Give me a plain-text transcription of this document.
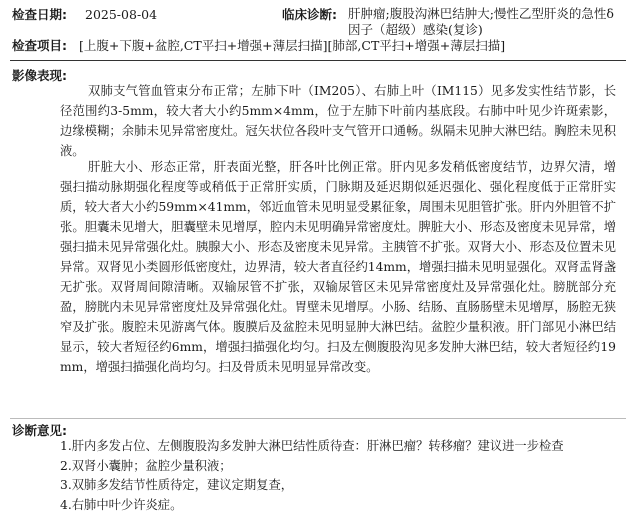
检查日期: 2025-08-04	临床诊断: 肝肿瘤;腹股沟淋巴结肿大;慢性乙型肝炎的急性δ因子（超级）感染(复诊)
检查项目: [上腹+下腹+盆腔,CT平扫+增强+薄层扫描][肺部,CT平扫+增强+薄层扫描]
影像表现:
双肺支气管血管束分布正常；左肺下叶（IM205）、右肺上叶（IM115）见多发实性结节影，长径范围约3-5mm，较大者大小约5mm×4mm，位于左肺下叶前内基底段。右肺中叶见少许斑索影，边缘模糊；余肺未见异常密度灶。冠矢状位各段叶支气管开口通畅。纵隔未见肿大淋巴结。胸腔未见积液。
肝脏大小、形态正常，肝表面光整，肝各叶比例正常。肝内见多发稍低密度结节，边界欠清，增强扫描动脉期强化程度等或稍低于正常肝实质，门脉期及延迟期似延迟强化、强化程度低于正常肝实质，较大者大小约59mm×41mm，邻近血管未见明显受累征象，周围未见胆管扩张。肝内外胆管不扩张。胆囊未见增大，胆囊壁未见增厚，腔内未见明确异常密度灶。脾脏大小、形态及密度未见异常，增强扫描未见异常强化灶。胰腺大小、形态及密度未见异常。主胰管不扩张。双肾大小、形态及位置未见异常。双肾见小类圆形低密度灶，边界清，较大者直径约14mm，增强扫描未见明显强化。双肾盂肾盏无扩张。双肾周间隙清晰。双输尿管不扩张，双输尿管区未见异常密度灶及异常强化灶。膀胱部分充盈，膀胱内未见异常密度灶及异常强化灶。胃壁未见增厚。小肠、结肠、直肠肠壁未见增厚，肠腔无狭窄及扩张。腹腔未见游离气体。腹膜后及盆腔未见明显肿大淋巴结。盆腔少量积液。肝门部见小淋巴结显示，较大者短径约6mm，增强扫描强化均匀。扫及左侧腹股沟见多发肿大淋巴结，较大者短径约19mm，增强扫描强化尚均匀。扫及骨质未见明显异常改变。
诊断意见:
1.肝内多发占位、左侧腹股沟多发肿大淋巴结性质待查：肝淋巴瘤？转移瘤？建议进一步检查
2.双肾小囊肿；盆腔少量积液；
3.双肺多发结节性质待定，建议定期复查，
4.右肺中叶少许炎症。
